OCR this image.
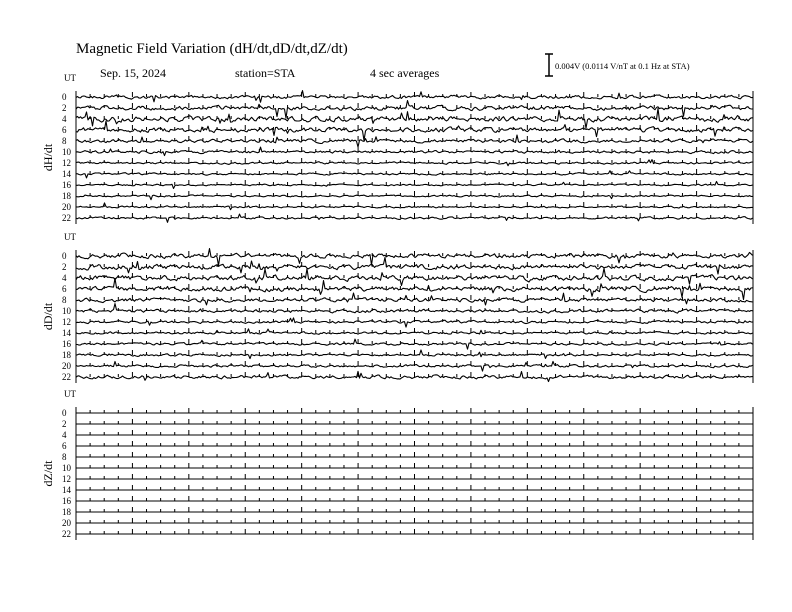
Magnetic Field Variation (dH/dt,dD/dt,dZ/dt)
Sep. 15, 2024	station=STA	4 sec averages	0.004V (0.0114 V/nT at 0.1 Hz at STA)
UT
dH/dt
0
2
4
6
8
10
12
14
16
18
20
22
UT
dD/dt
0
2
4
6
8
10
12
14
16
18
20
22
UT
dZ/dt
0
2
4
6
8
10
12
14
16
18
20
22
